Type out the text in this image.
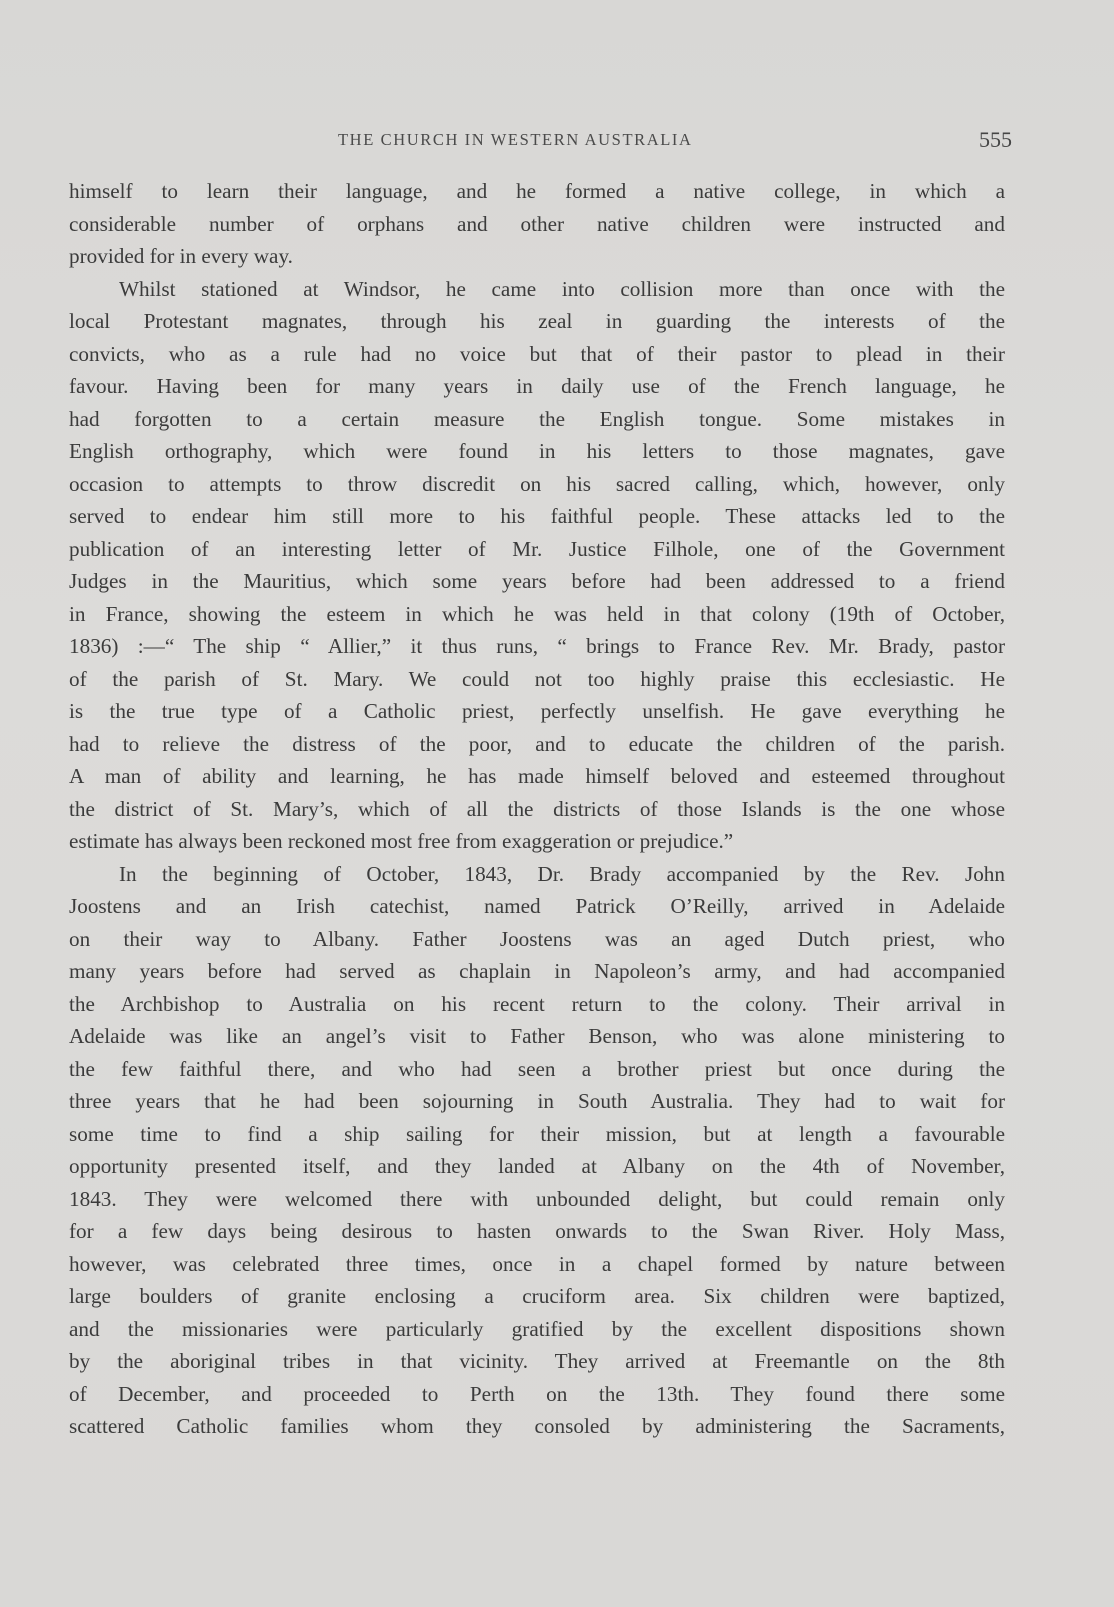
THE CHURCH IN WESTERN AUSTRALIA	555
himself to learn their language, and he formed a native college, in which a
considerable number of orphans and other native children were instructed and
provided for in every way.
Whilst stationed at Windsor, he came into collision more than once with the
local Protestant magnates, through his zeal in guarding the interests of the
convicts, who as a rule had no voice but that of their pastor to plead in their
favour. Having been for many years in daily use of the French language, he
had forgotten to a certain measure the English tongue. Some mistakes in
English orthography, which were found in his letters to those magnates, gave
occasion to attempts to throw discredit on his sacred calling, which, however, only
served to endear him still more to his faithful people. These attacks led to the
publication of an interesting letter of Mr. Justice Filhole, one of the Government
Judges in the Mauritius, which some years before had been addressed to a friend
in France, showing the esteem in which he was held in that colony (19th of October,
1836) :—“ The ship “ Allier,” it thus runs, “ brings to France Rev. Mr. Brady, pastor
of the parish of St. Mary. We could not too highly praise this ecclesiastic. He
is the true type of a Catholic priest, perfectly unselfish. He gave everything he
had to relieve the distress of the poor, and to educate the children of the parish.
A man of ability and learning, he has made himself beloved and esteemed throughout
the district of St. Mary’s, which of all the districts of those Islands is the one whose
estimate has always been reckoned most free from exaggeration or prejudice.”
In the beginning of October, 1843, Dr. Brady accompanied by the Rev. John
Joostens and an Irish catechist, named Patrick O’Reilly, arrived in Adelaide
on their way to Albany. Father Joostens was an aged Dutch priest, who
many years before had served as chaplain in Napoleon’s army, and had accompanied
the Archbishop to Australia on his recent return to the colony. Their arrival in
Adelaide was like an angel’s visit to Father Benson, who was alone ministering to
the few faithful there, and who had seen a brother priest but once during the
three years that he had been sojourning in South Australia. They had to wait for
some time to find a ship sailing for their mission, but at length a favourable
opportunity presented itself, and they landed at Albany on the 4th of November,
1843. They were welcomed there with unbounded delight, but could remain only
for a few days being desirous to hasten onwards to the Swan River. Holy Mass,
however, was celebrated three times, once in a chapel formed by nature between
large boulders of granite enclosing a cruciform area. Six children were baptized,
and the missionaries were particularly gratified by the excellent dispositions shown
by the aboriginal tribes in that vicinity. They arrived at Freemantle on the 8th
of December, and proceeded to Perth on the 13th. They found there some
scattered Catholic families whom they consoled by administering the Sacraments,
